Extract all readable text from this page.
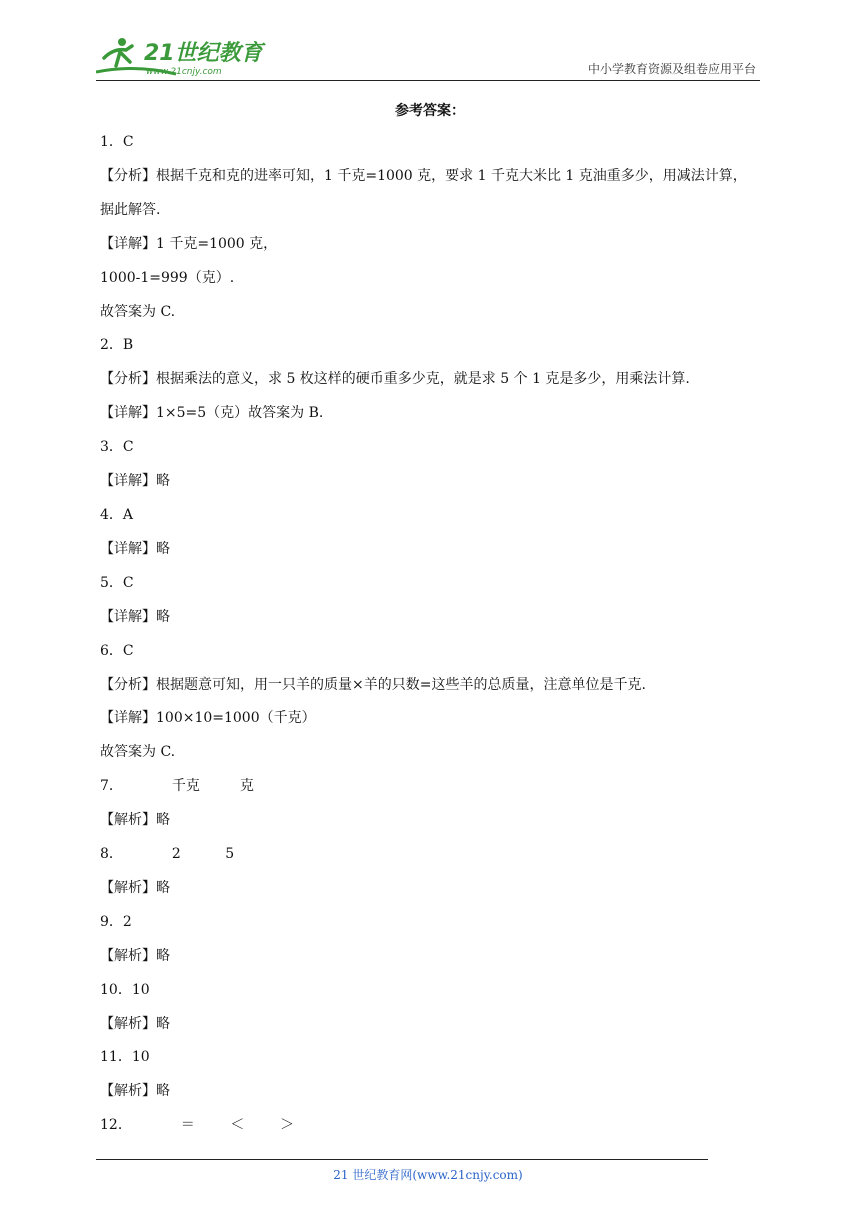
21世纪教育
www.21cnjy.com	中小学教育资源及组卷应用平台
参考答案：
1．C
【分析】根据千克和克的进率可知，1 千克=1000 克，要求 1 千克大米比 1 克油重多少，用减法计算，
据此解答.
【详解】1 千克=1000 克，
1000-1=999（克）.
故答案为 C.
2．B
【分析】根据乘法的意义，求 5 枚这样的硬币重多少克，就是求 5 个 1 克是多少，用乘法计算.
【详解】1×5=5（克）故答案为 B.
3．C
【详解】略
4．A
【详解】略
5．C
【详解】略
6．C
【分析】根据题意可知，用一只羊的质量×羊的只数=这些羊的总质量，注意单位是千克.
【详解】100×10=1000（千克）
故答案为 C.
7．           千克         克
【解析】略
8．           2          5
【解析】略
9．2
【解析】略
10．10
【解析】略
11．10
【解析】略
12．           ＝        ＜        ＞
21 世纪教育网(www.21cnjy.com)
